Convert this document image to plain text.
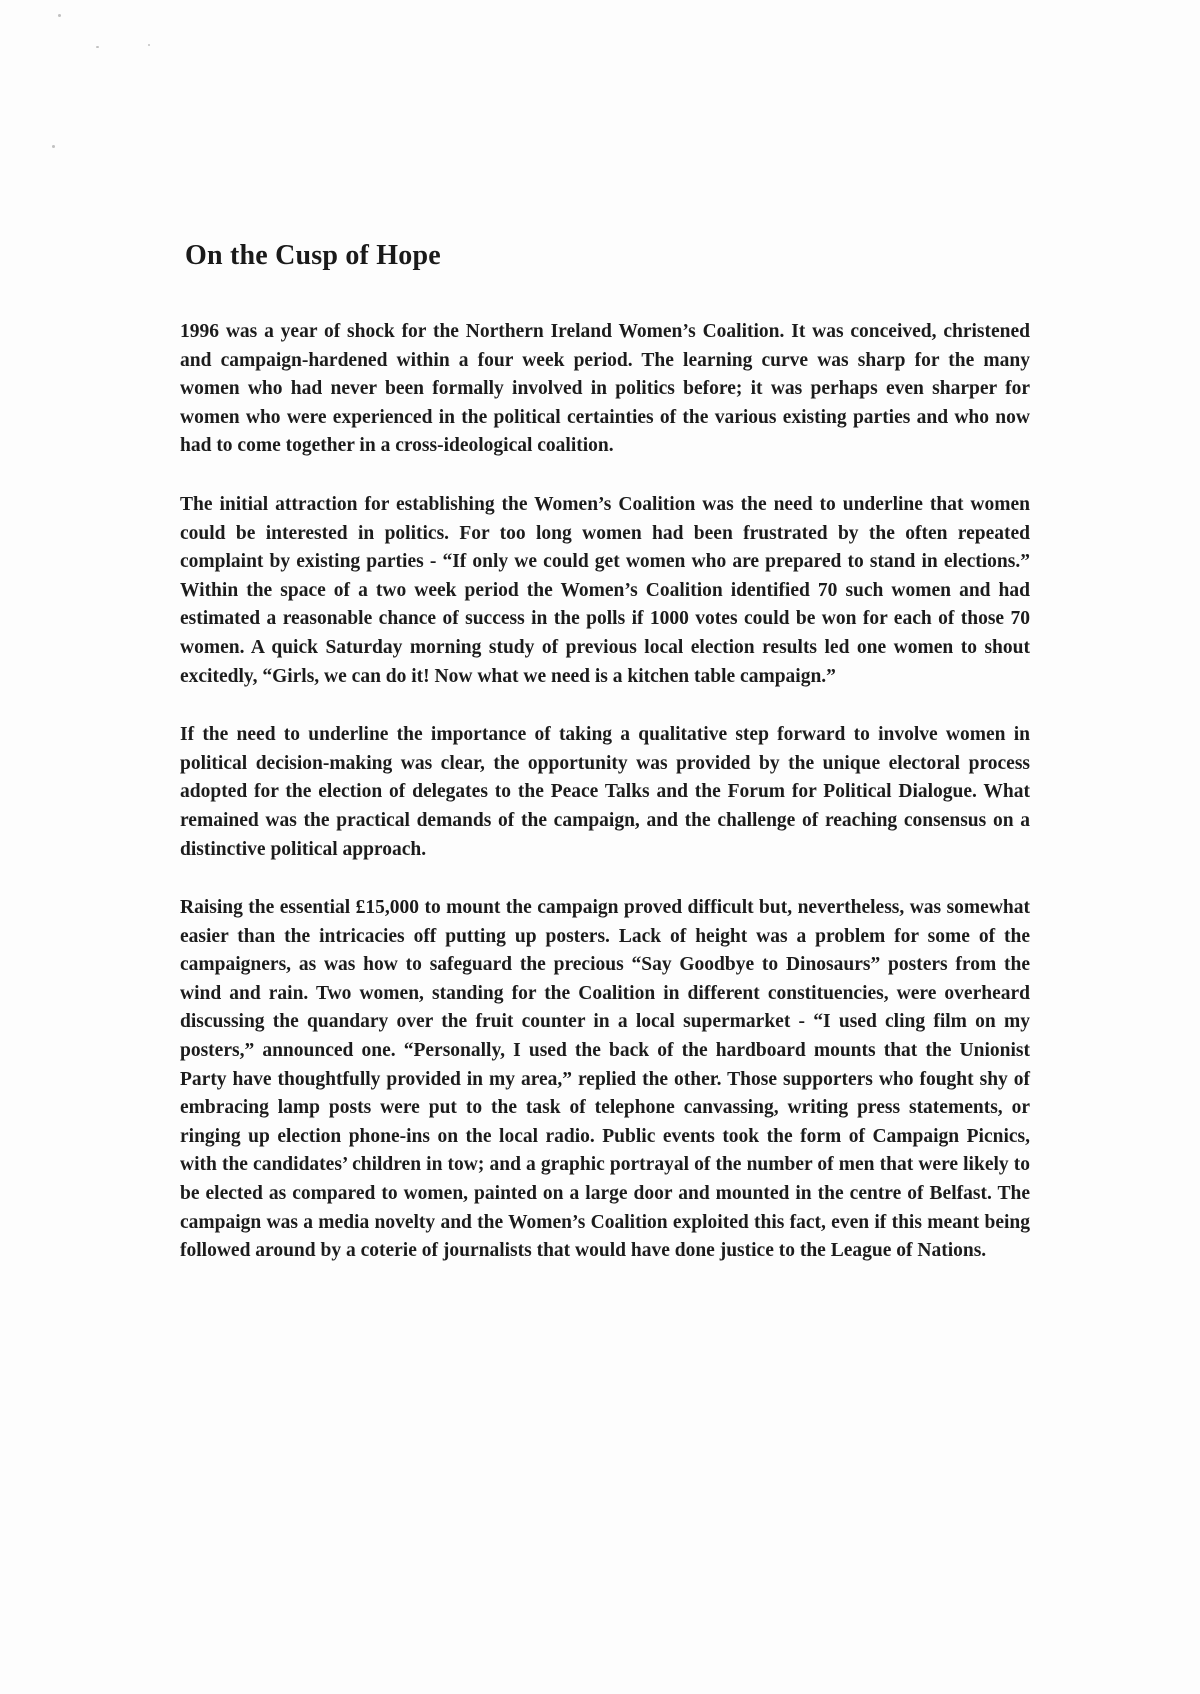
On the Cusp of Hope

1996 was a year of shock for the Northern Ireland Women’s Coalition. It was conceived, christened and campaign-hardened within a four week period. The learning curve was sharp for the many women who had never been formally involved in politics before; it was perhaps even sharper for women who were experienced in the political certainties of the various existing parties and who now had to come together in a cross-ideological coalition.

The initial attraction for establishing the Women’s Coalition was the need to underline that women could be interested in politics. For too long women had been frustrated by the often repeated complaint by existing parties - “If only we could get women who are prepared to stand in elections.” Within the space of a two week period the Women’s Coalition identified 70 such women and had estimated a reasonable chance of success in the polls if 1000 votes could be won for each of those 70 women. A quick Saturday morning study of previous local election results led one women to shout excitedly, “Girls, we can do it! Now what we need is a kitchen table campaign.”

If the need to underline the importance of taking a qualitative step forward to involve women in political decision-making was clear, the opportunity was provided by the unique electoral process adopted for the election of delegates to the Peace Talks and the Forum for Political Dialogue. What remained was the practical demands of the campaign, and the challenge of reaching consensus on a distinctive political approach.

Raising the essential £15,000 to mount the campaign proved difficult but, nevertheless, was somewhat easier than the intricacies off putting up posters. Lack of height was a problem for some of the campaigners, as was how to safeguard the precious “Say Goodbye to Dinosaurs” posters from the wind and rain. Two women, standing for the Coalition in different constituencies, were overheard discussing the quandary over the fruit counter in a local supermarket - “I used cling film on my posters,” announced one. “Personally, I used the back of the hardboard mounts that the Unionist Party have thoughtfully provided in my area,” replied the other. Those supporters who fought shy of embracing lamp posts were put to the task of telephone canvassing, writing press statements, or ringing up election phone-ins on the local radio. Public events took the form of Campaign Picnics, with the candidates’ children in tow; and a graphic portrayal of the number of men that were likely to be elected as compared to women, painted on a large door and mounted in the centre of Belfast. The campaign was a media novelty and the Women’s Coalition exploited this fact, even if this meant being followed around by a coterie of journalists that would have done justice to the League of Nations.
